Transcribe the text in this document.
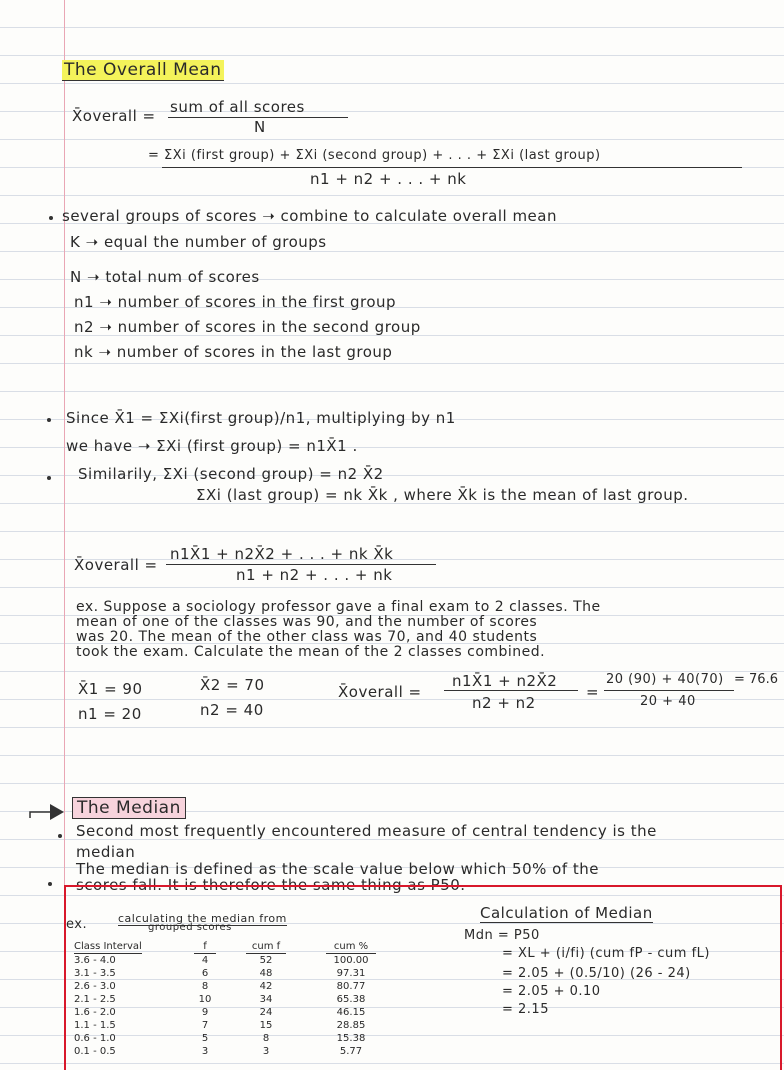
The Overall Mean
X̄overall = sum of all scores
N
= ΣXi (first group) + ΣXi (second group) + . . . + ΣXi (last group)
n1 + n2 + . . . + nk
several groups of scores ➝ combine to calculate overall mean
K ➝ equal the number of groups
N ➝ total num of scores
n1 ➝ number of scores in the first group
n2 ➝ number of scores in the second group
nk ➝ number of scores in the last group
Since X̄1 = ΣXi(first group)/n1, multiplying by n1
we have ➝ ΣXi (first group) = n1X̄1 .
Similarily, ΣXi (second group) = n2 X̄2
ΣXi (last group) = nk X̄k , where X̄k is the mean of last group.
X̄overall =
n1X̄1 + n2X̄2 + . . . + nk X̄k
n1 + n2 + . . . + nk
ex. Suppose a sociology professor gave a final exam to 2 classes. The
mean of one of the classes was 90, and the number of scores
was 20. The mean of the other class was 70, and 40 students
took the exam. Calculate the mean of the 2 classes combined.
X̄1 = 90
n1 = 20
X̄2 = 70
n2 = 40
X̄overall =
n1X̄1 + n2X̄2
n2 + n2
=
20 (90) + 40(70)
20 + 40
= 76.6
The Median
Second most frequently encountered measure of central tendency is the
median
The median is defined as the scale value below which 50% of the
scores fall. It is therefore the same thing as P50.
ex.	calculating the median from
grouped scores
Class Interval
3.6 - 4.0
3.1 - 3.5
2.6 - 3.0
2.1 - 2.5
1.6 - 2.0
1.1 - 1.5
0.6 - 1.0
0.1 - 0.5
f
4
6
8
10
9
7
5
3
cum f
52
48
42
34
24
15
8
3
cum %
100.00
97.31
80.77
65.38
46.15
28.85
15.38
5.77
Calculation of Median
Mdn = P50
= XL + (i/fi) (cum fP - cum fL)
= 2.05 + (0.5/10) (26 - 24)
= 2.05 + 0.10
= 2.15
